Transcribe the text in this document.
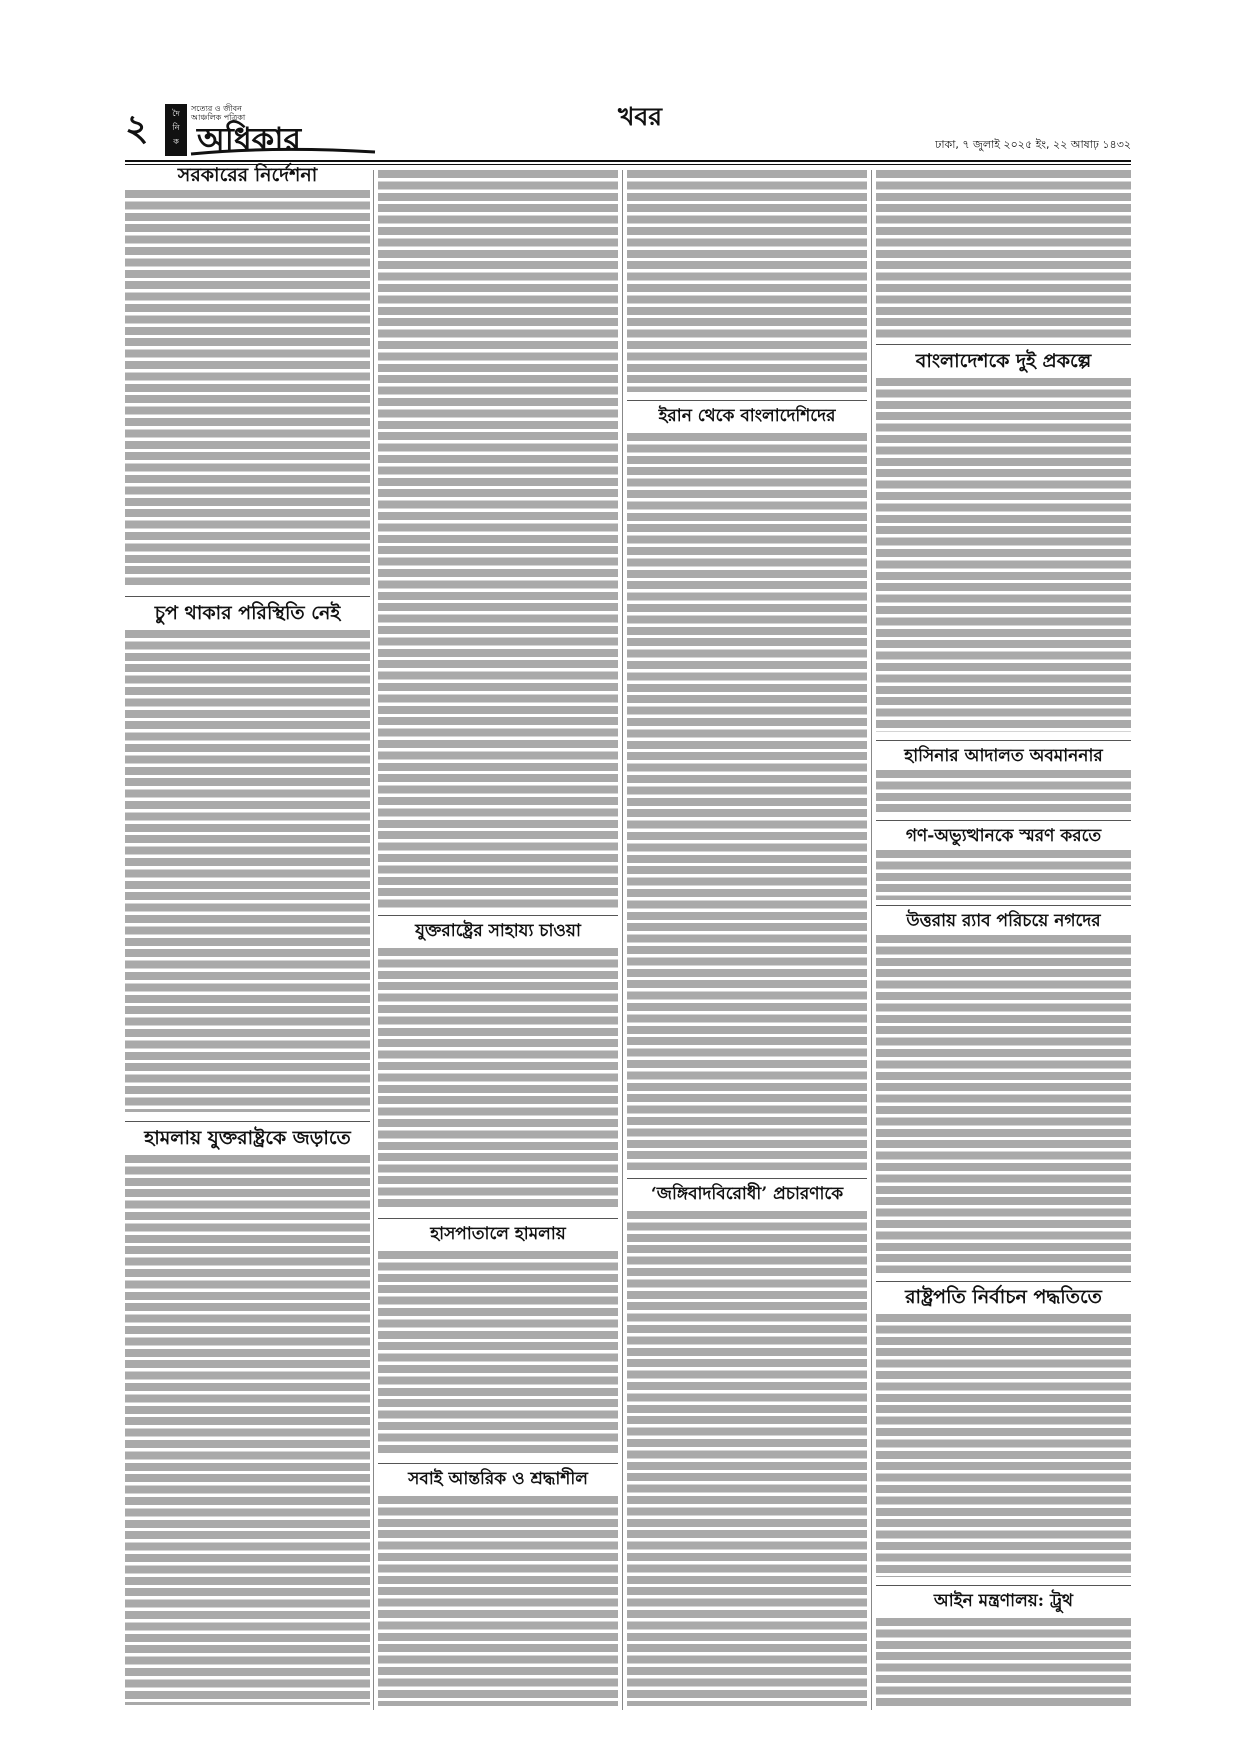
২	দৈ
নি
ক
সত্যের ও জীবন
আঞ্চলিক পত্রিকা
অধিকার
খবর
ঢাকা, ৭ জুলাই ২০২৫ ইং, ২২ আষাঢ় ১৪৩২
সরকারের নির্দেশনা
চুপ থাকার পরিস্থিতি নেই
হামলায় যুক্তরাষ্ট্রকে জড়াতে
যুক্তরাষ্ট্রের সাহায্য চাওয়া
হাসপাতালে হামলায়
সবাই আন্তরিক ও শ্রদ্ধাশীল
ইরান থেকে বাংলাদেশিদের
‘জঙ্গিবাদবিরোধী’ প্রচারণাকে
বাংলাদেশকে দুই প্রকল্পে
হাসিনার আদালত অবমাননার
গণ-অভ্যুত্থানকে স্মরণ করতে
উত্তরায় র‍্যাব পরিচয়ে নগদের
রাষ্ট্রপতি নির্বাচন পদ্ধতিতে
আইন মন্ত্রণালয়: ট্রুথ
